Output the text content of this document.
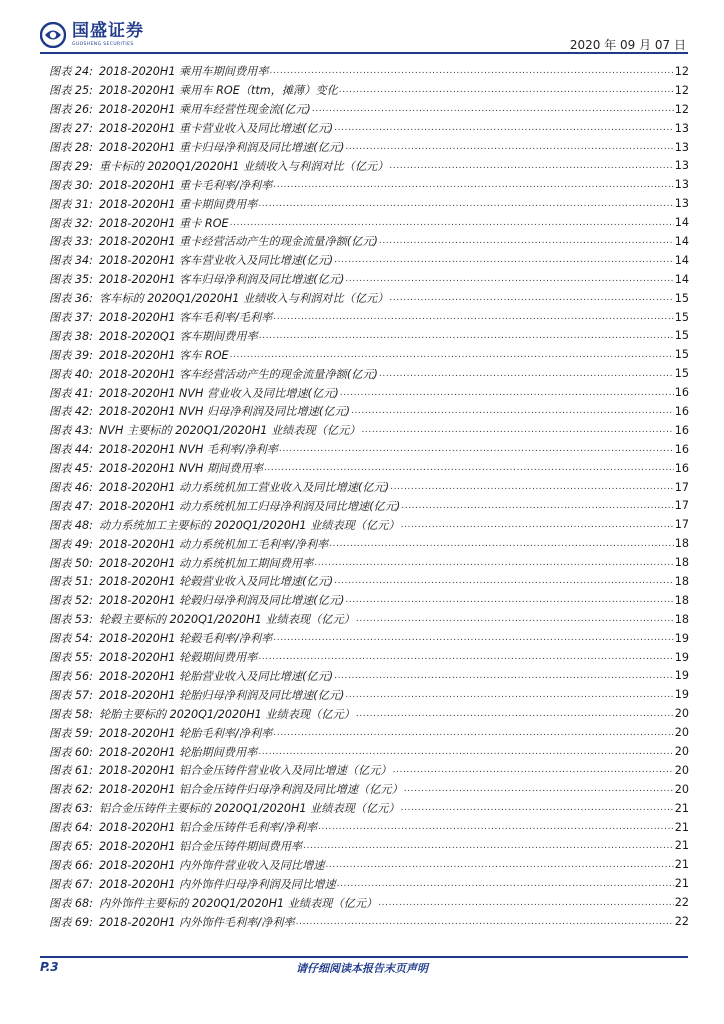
国盛证券
GUOSHENG SECURITIES	2020 年 09 月 07 日
图表 24: 2018-2020H1 乘用车期间费用率 .....	12
图表 25: 2018-2020H1 乘用车 ROE（ttm，摊薄）变化 .....	12
图表 26: 2018-2020H1 乘用车经营性现金流(亿元) .....	12
图表 27: 2018-2020H1 重卡营业收入及同比增速(亿元) .....	13
图表 28: 2018-2020H1 重卡归母净利润及同比增速(亿元) .....	13
图表 29: 重卡标的 2020Q1/2020H1 业绩收入与利润对比（亿元） .....	13
图表 30: 2018-2020H1 重卡毛利率/净利率 .....	13
图表 31: 2018-2020H1 重卡期间费用率 .....	13
图表 32: 2018-2020H1 重卡 ROE .....	14
图表 33: 2018-2020H1 重卡经营活动产生的现金流量净额(亿元) .....	14
图表 34: 2018-2020H1 客车营业收入及同比增速(亿元) .....	14
图表 35: 2018-2020H1 客车归母净利润及同比增速(亿元) .....	14
图表 36: 客车标的 2020Q1/2020H1 业绩收入与利润对比（亿元） .....	15
图表 37: 2018-2020H1 客车毛利率/毛利率 .....	15
图表 38: 2018-2020Q1 客车期间费用率 .....	15
图表 39: 2018-2020H1 客车 ROE .....	15
图表 40: 2018-2020H1 客车经营活动产生的现金流量净额(亿元) .....	15
图表 41: 2018-2020H1 NVH 营业收入及同比增速(亿元) .....	16
图表 42: 2018-2020H1 NVH 归母净利润及同比增速(亿元) .....	16
图表 43: NVH 主要标的 2020Q1/2020H1 业绩表现（亿元） .....	16
图表 44: 2018-2020H1 NVH 毛利率/净利率 .....	16
图表 45: 2018-2020H1 NVH 期间费用率 .....	16
图表 46: 2018-2020H1 动力系统机加工营业收入及同比增速(亿元) .....	17
图表 47: 2018-2020H1 动力系统机加工归母净利润及同比增速(亿元) .....	17
图表 48: 动力系统加工主要标的 2020Q1/2020H1 业绩表现（亿元） .....	17
图表 49: 2018-2020H1 动力系统机加工毛利率/净利率 .....	18
图表 50: 2018-2020H1 动力系统机加工期间费用率 .....	18
图表 51: 2018-2020H1 轮毂营业收入及同比增速(亿元) .....	18
图表 52: 2018-2020H1 轮毂归母净利润及同比增速(亿元) .....	18
图表 53: 轮毂主要标的 2020Q1/2020H1 业绩表现（亿元） .....	18
图表 54: 2018-2020H1 轮毂毛利率/净利率 .....	19
图表 55: 2018-2020H1 轮毂期间费用率 .....	19
图表 56: 2018-2020H1 轮胎营业收入及同比增速(亿元) .....	19
图表 57: 2018-2020H1 轮胎归母净利润及同比增速(亿元) .....	19
图表 58: 轮胎主要标的 2020Q1/2020H1 业绩表现（亿元） .....	20
图表 59: 2018-2020H1 轮胎毛利率/净利率 .....	20
图表 60: 2018-2020H1 轮胎期间费用率 .....	20
图表 61: 2018-2020H1 铝合金压铸件营业收入及同比增速（亿元） .....	20
图表 62: 2018-2020H1 铝合金压铸件归母净利润及同比增速（亿元） .....	20
图表 63: 铝合金压铸件主要标的 2020Q1/2020H1 业绩表现（亿元） .....	21
图表 64: 2018-2020H1 铝合金压铸件毛利率/净利率 .....	21
图表 65: 2018-2020H1 铝合金压铸件期间费用率 .....	21
图表 66: 2018-2020H1 内外饰件营业收入及同比增速 .....	21
图表 67: 2018-2020H1 内外饰件归母净利润及同比增速 .....	21
图表 68: 内外饰件主要标的 2020Q1/2020H1 业绩表现（亿元） .....	22
图表 69: 2018-2020H1 内外饰件毛利率/净利率 .....	22
P.3	请仔细阅读本报告末页声明
